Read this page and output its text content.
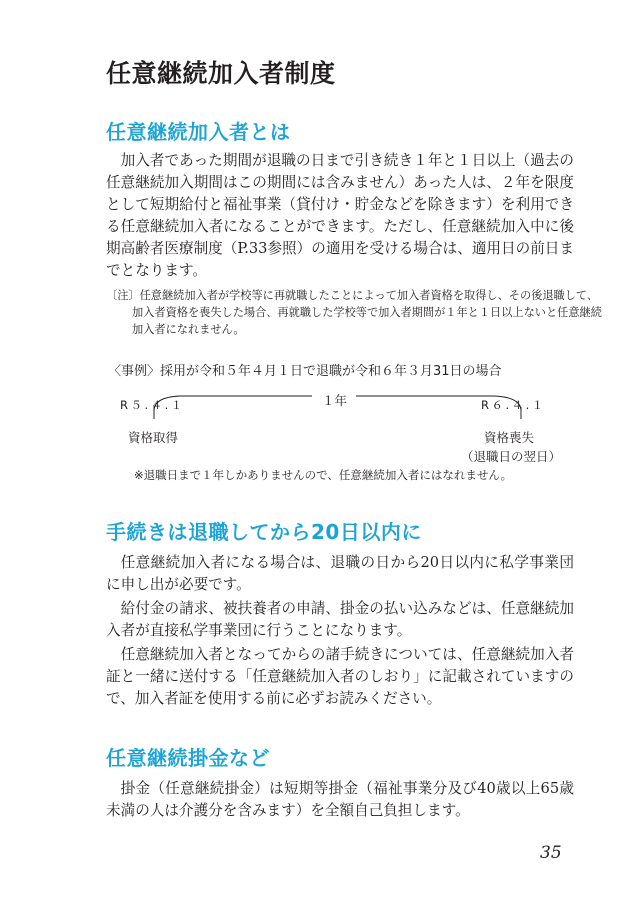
任意継続加入者制度
任意継続加入者とは

加入者であった期間が退職の日まで引き続き１年と１日以上（過去の任意継続加入期間はこの期間には含みません）あった人は、２年を限度として短期給付と福祉事業（貸付け・貯金などを除きます）を利用できる任意継続加入者になることができます。ただし、任意継続加入中に後期高齢者医療制度（P.33参照）の適用を受ける場合は、適用日の前日までとなります。

〔注〕任意継続加入者が学校等に再就職したことによって加入者資格を取得し、その後退職して、加入者資格を喪失した場合、再就職した学校等で加入者期間が１年と１日以上ないと任意継続加入者になれません。

〈事例〉採用が令和５年４月１日で退職が令和６年３月31日の場合

R５.４.１	１年	R６.４.１

資格取得	資格喪失

（退職日の翌日）

※退職日まで１年しかありませんので、任意継続加入者にはなれません。

手続きは退職してから20日以内に

任意継続加入者になる場合は、退職の日から20日以内に私学事業団に申し出が必要です。

給付金の請求、被扶養者の申請、掛金の払い込みなどは、任意継続加入者が直接私学事業団に行うことになります。

任意継続加入者となってからの諸手続きについては、任意継続加入者証と一緒に送付する「任意継続加入者のしおり」に記載されていますので、加入者証を使用する前に必ずお読みください。

任意継続掛金など

掛金（任意継続掛金）は短期等掛金（福祉事業分及び40歳以上65歳未満の人は介護分を含みます）を全額自己負担します。

35
